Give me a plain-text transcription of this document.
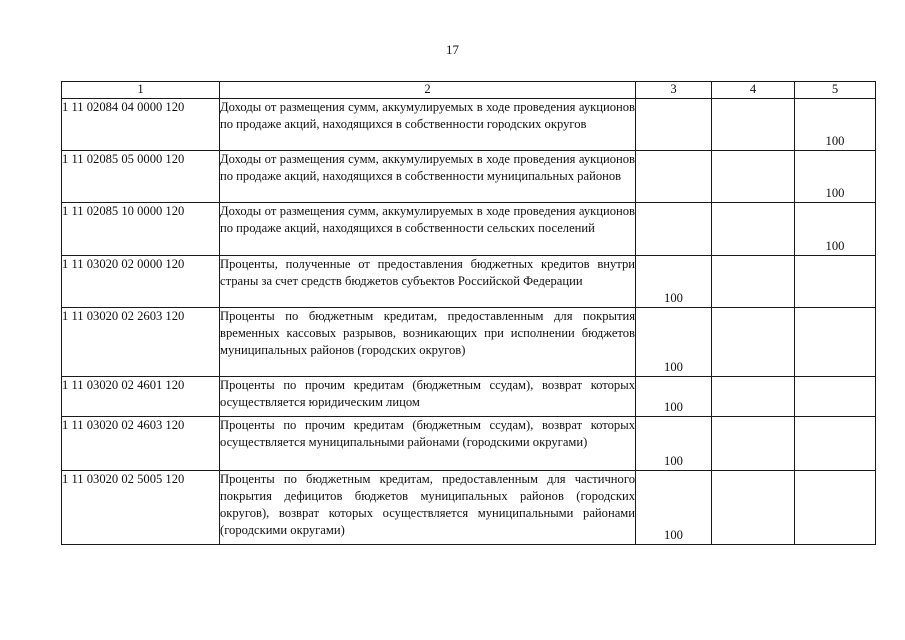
17
1	2	3	4	5
1 11 02084 04 0000 120	Доходы от размещения сумм, аккумулируемых в ходе проведения аукционов по продаже акций, находящихся в собственности городских округов			100
1 11 02085 05 0000 120	Доходы от размещения сумм, аккумулируемых в ходе проведения аукционов по продаже акций, находящихся в собственности муниципальных районов			100
1 11 02085 10 0000 120	Доходы от размещения сумм, аккумулируемых в ходе проведения аукционов по продаже акций, находящихся в собственности сельских поселений			100
1 11 03020 02 0000 120	Проценты, полученные от предоставления бюджетных кредитов внутри страны за счет средств бюджетов субъектов Российской Федерации	100		
1 11 03020 02 2603 120	Проценты по бюджетным кредитам, предоставленным для покрытия временных кассовых разрывов, возникающих при исполнении бюджетов муниципальных районов (городских округов)	100		
1 11 03020 02 4601 120	Проценты по прочим кредитам (бюджетным ссудам), возврат которых осуществляется юридическим лицом	100		
1 11 03020 02 4603 120	Проценты по прочим кредитам (бюджетным ссудам), возврат которых осуществляется муниципальными районами (городскими округами)	100		
1 11 03020 02 5005 120	Проценты по бюджетным кредитам, предоставленным для частичного покрытия дефицитов бюджетов муниципальных районов (городских округов), возврат которых осуществляется муниципальными районами (городскими округами)	100		
